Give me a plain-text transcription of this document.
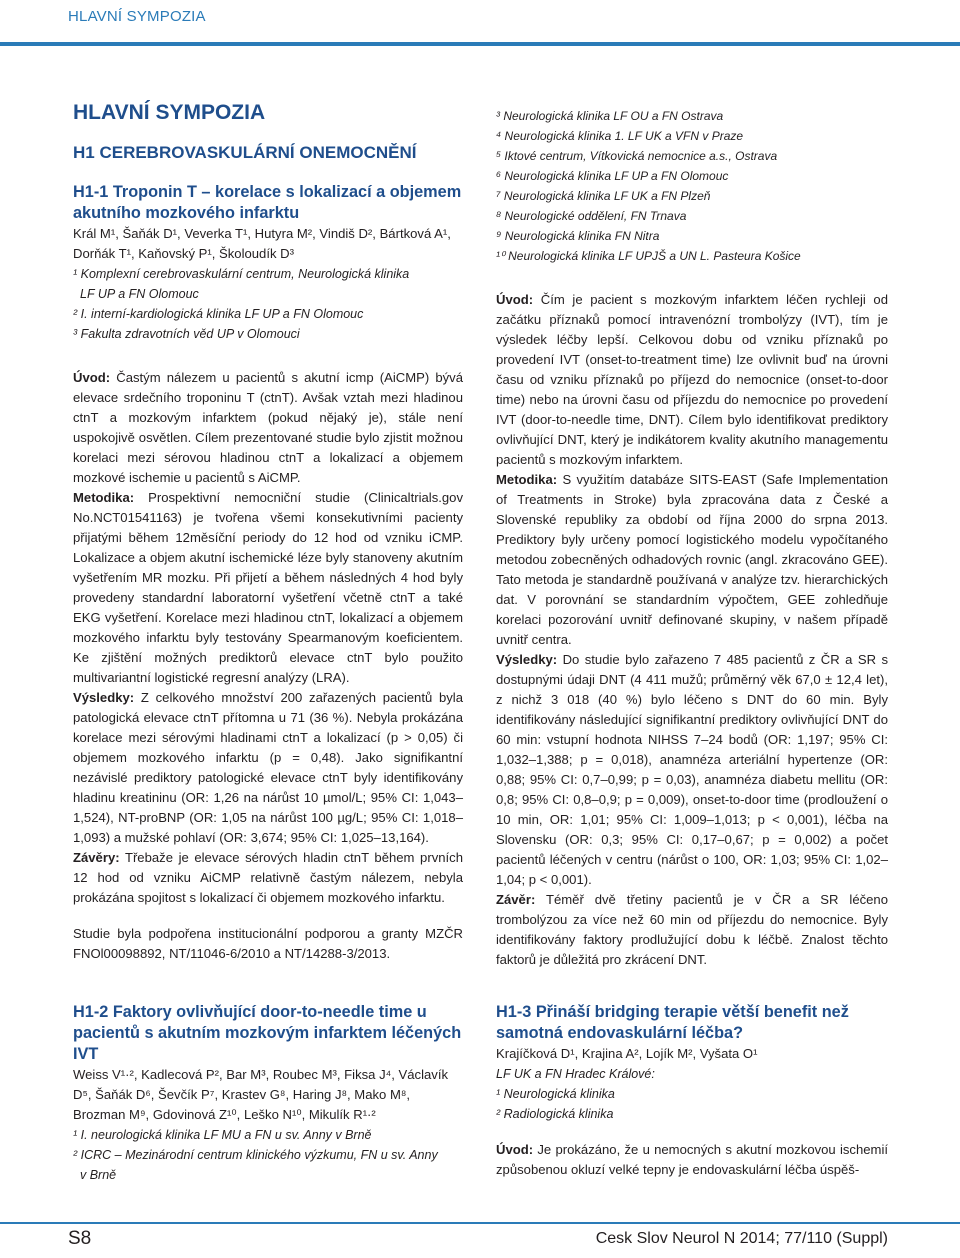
HLAVNÍ SYMPOZIA

HLAVNÍ SYMPOZIA

H1 CEREBROVASKULÁRNÍ ONEMOCNĚNÍ

H1-1 Troponin T – korelace s lokalizací a objemem akutního mozkového infarktu

Král M¹, Šaňák D¹, Veverka T¹, Hutyra M², Vindiš D², Bártková A¹, Dorňák T¹, Kaňovský P¹, Školoudík D³

¹ Komplexní cerebrovaskulární centrum, Neurologická klinika

LF UP a FN Olomouc

² I. interní-kardiologická klinika LF UP a FN Olomouc

³ Fakulta zdravotních věd UP v Olomouci

Úvod: Častým nálezem u pacientů s akutní icmp (AiCMP) bývá elevace srdečního troponinu T (ctnT). Avšak vztah mezi hladinou ctnT a mozkovým infarktem (pokud nějaký je), stále není uspokojivě osvětlen. Cílem prezentované studie bylo zjistit možnou korelaci mezi sérovou hladinou ctnT a lokalizací a objemem mozkové ischemie u pacientů s AiCMP.

Metodika: Prospektivní nemocniční studie (Clinicaltrials.gov No.NCT01541163) je tvořena všemi konsekutivními pacienty přijatými během 12měsíční periody do 12 hod od vzniku iCMP. Lokalizace a objem akutní ischemické léze byly stanoveny akutním vyšetřením MR mozku. Při přijetí a během následných 4 hod byly provedeny standardní laboratorní vyšetření včetně ctnT a také EKG vyšetření. Korelace mezi hladinou ctnT, lokalizací a objemem mozkového infarktu byly testovány Spearmanovým koeficientem. Ke zjištění možných prediktorů elevace ctnT bylo použito multivariantní logistické regresní analýzy (LRA).

Výsledky: Z celkového množství 200 zařazených pacientů byla patologická elevace ctnT přítomna u 71 (36 %). Nebyla prokázána korelace mezi sérovými hladinami ctnT a lokalizací (p > 0,05) či objemem mozkového infarktu (p = 0,48). Jako signifikantní nezávislé prediktory patologické elevace ctnT byly identifikovány hladinu kreatininu (OR: 1,26 na nárůst 10 µmol/L; 95% CI: 1,043–1,524), NT-proBNP (OR: 1,05 na nárůst 100 µg/L; 95% CI: 1,018–1,093) a mužské pohlaví (OR: 3,674; 95% CI: 1,025–13,164).

Závěry: Třebaže je elevace sérových hladin ctnT během prvních 12 hod od vzniku AiCMP relativně častým nálezem, nebyla prokázána spojitost s lokalizací či objemem mozkového infarktu.

Studie byla podpořena institucionální podporou a granty MZČR FNOl00098892, NT/11046-6/2010 a NT/14288-3/2013.

³ Neurologická klinika LF OU a FN Ostrava

⁴ Neurologická klinika 1. LF UK a VFN v Praze

⁵ Iktové centrum, Vítkovická nemocnice a.s., Ostrava

⁶ Neurologická klinika LF UP a FN Olomouc

⁷ Neurologická klinika LF UK a FN Plzeň

⁸ Neurologické oddělení, FN Trnava

⁹ Neurologická klinika FN Nitra

¹⁰ Neurologická klinika LF UPJŠ a UN L. Pasteura Košice

Úvod: Čím je pacient s mozkovým infarktem léčen rychleji od začátku příznaků pomocí intravenózní trombolýzy (IVT), tím je výsledek léčby lepší. Celkovou dobu od vzniku příznaků po provedení IVT (onset-to-treatment time) lze ovlivnit buď na úrovni času od vzniku příznaků po příjezd do nemocnice (onset-to-door time) nebo na úrovni času od příjezdu do nemocnice po provedení IVT (door-to-needle time, DNT). Cílem bylo identifikovat prediktory ovlivňující DNT, který je indikátorem kvality akutního managementu pacientů s mozkovým infarktem.

Metodika: S využitím databáze SITS-EAST (Safe Implementation of Treatments in Stroke) byla zpracována data z České a Slovenské republiky za období od října 2000 do srpna 2013. Prediktory byly určeny pomocí logistického modelu vypočítaného metodou zobecněných odhadových rovnic (angl. zkracováno GEE). Tato metoda je standardně používaná v analýze tzv. hierarchických dat. V porovnání se standardním výpočtem, GEE zohledňuje korelaci pozorování uvnitř definované skupiny, v našem případě uvnitř centra.

Výsledky: Do studie bylo zařazeno 7 485 pacientů z ČR a SR s dostupnými údaji DNT (4 411 mužů; průměrný věk 67,0 ± 12,4 let), z nichž 3 018 (40 %) bylo léčeno s DNT do 60 min. Byly identifikovány následující signifikantní prediktory ovlivňující DNT do 60 min: vstupní hodnota NIHSS 7–24 bodů (OR: 1,197; 95% CI: 1,032–1,388; p = 0,018), anamnéza arteriální hypertenze (OR: 0,88; 95% CI: 0,7–0,99; p = 0,03), anamnéza diabetu mellitu (OR: 0,8; 95% CI: 0,8–0,9; p = 0,009), onset-to-door time (prodloužení o 10 min, OR: 1,01; 95% CI: 1,009–1,013; p < 0,001), léčba na Slovensku (OR: 0,3; 95% CI: 0,17–0,67; p = 0,002) a počet pacientů léčených v centru (nárůst o 100, OR: 1,03; 95% CI: 1,02–1,04; p < 0,001).

Závěr: Téměř dvě třetiny pacientů je v ČR a SR léčeno trombolýzou za více než 60 min od příjezdu do nemocnice. Byly identifikovány faktory prodlužující dobu k léčbě. Znalost těchto faktorů je důležitá pro zkrácení DNT.

H1-2 Faktory ovlivňující door-to-needle time u pacientů s akutním mozkovým infarktem léčených IVT

Weiss V¹·², Kadlecová P², Bar M³, Roubec M³, Fiksa J⁴, Václavík D⁵, Šaňák D⁶, Ševčík P⁷, Krastev G⁸, Haring J⁸, Mako M⁸, Brozman M⁹, Gdovinová Z¹⁰, Leško N¹⁰, Mikulík R¹·²

¹ I. neurologická klinika LF MU a FN u sv. Anny v Brně

² ICRC – Mezinárodní centrum klinického výzkumu, FN u sv. Anny

v Brně

H1-3 Přináší bridging terapie větší benefit než samotná endovaskulární léčba?

Krajíčková D¹, Krajina A², Lojík M², Vyšata O¹

LF UK a FN Hradec Králové:

¹ Neurologická klinika

² Radiologická klinika

Úvod: Je prokázáno, že u nemocných s akutní mozkovou ischemií způsobenou okluzí velké tepny je endovaskulární léčba úspěš-

S8	Cesk Slov Neurol N 2014; 77/110 (Suppl)
